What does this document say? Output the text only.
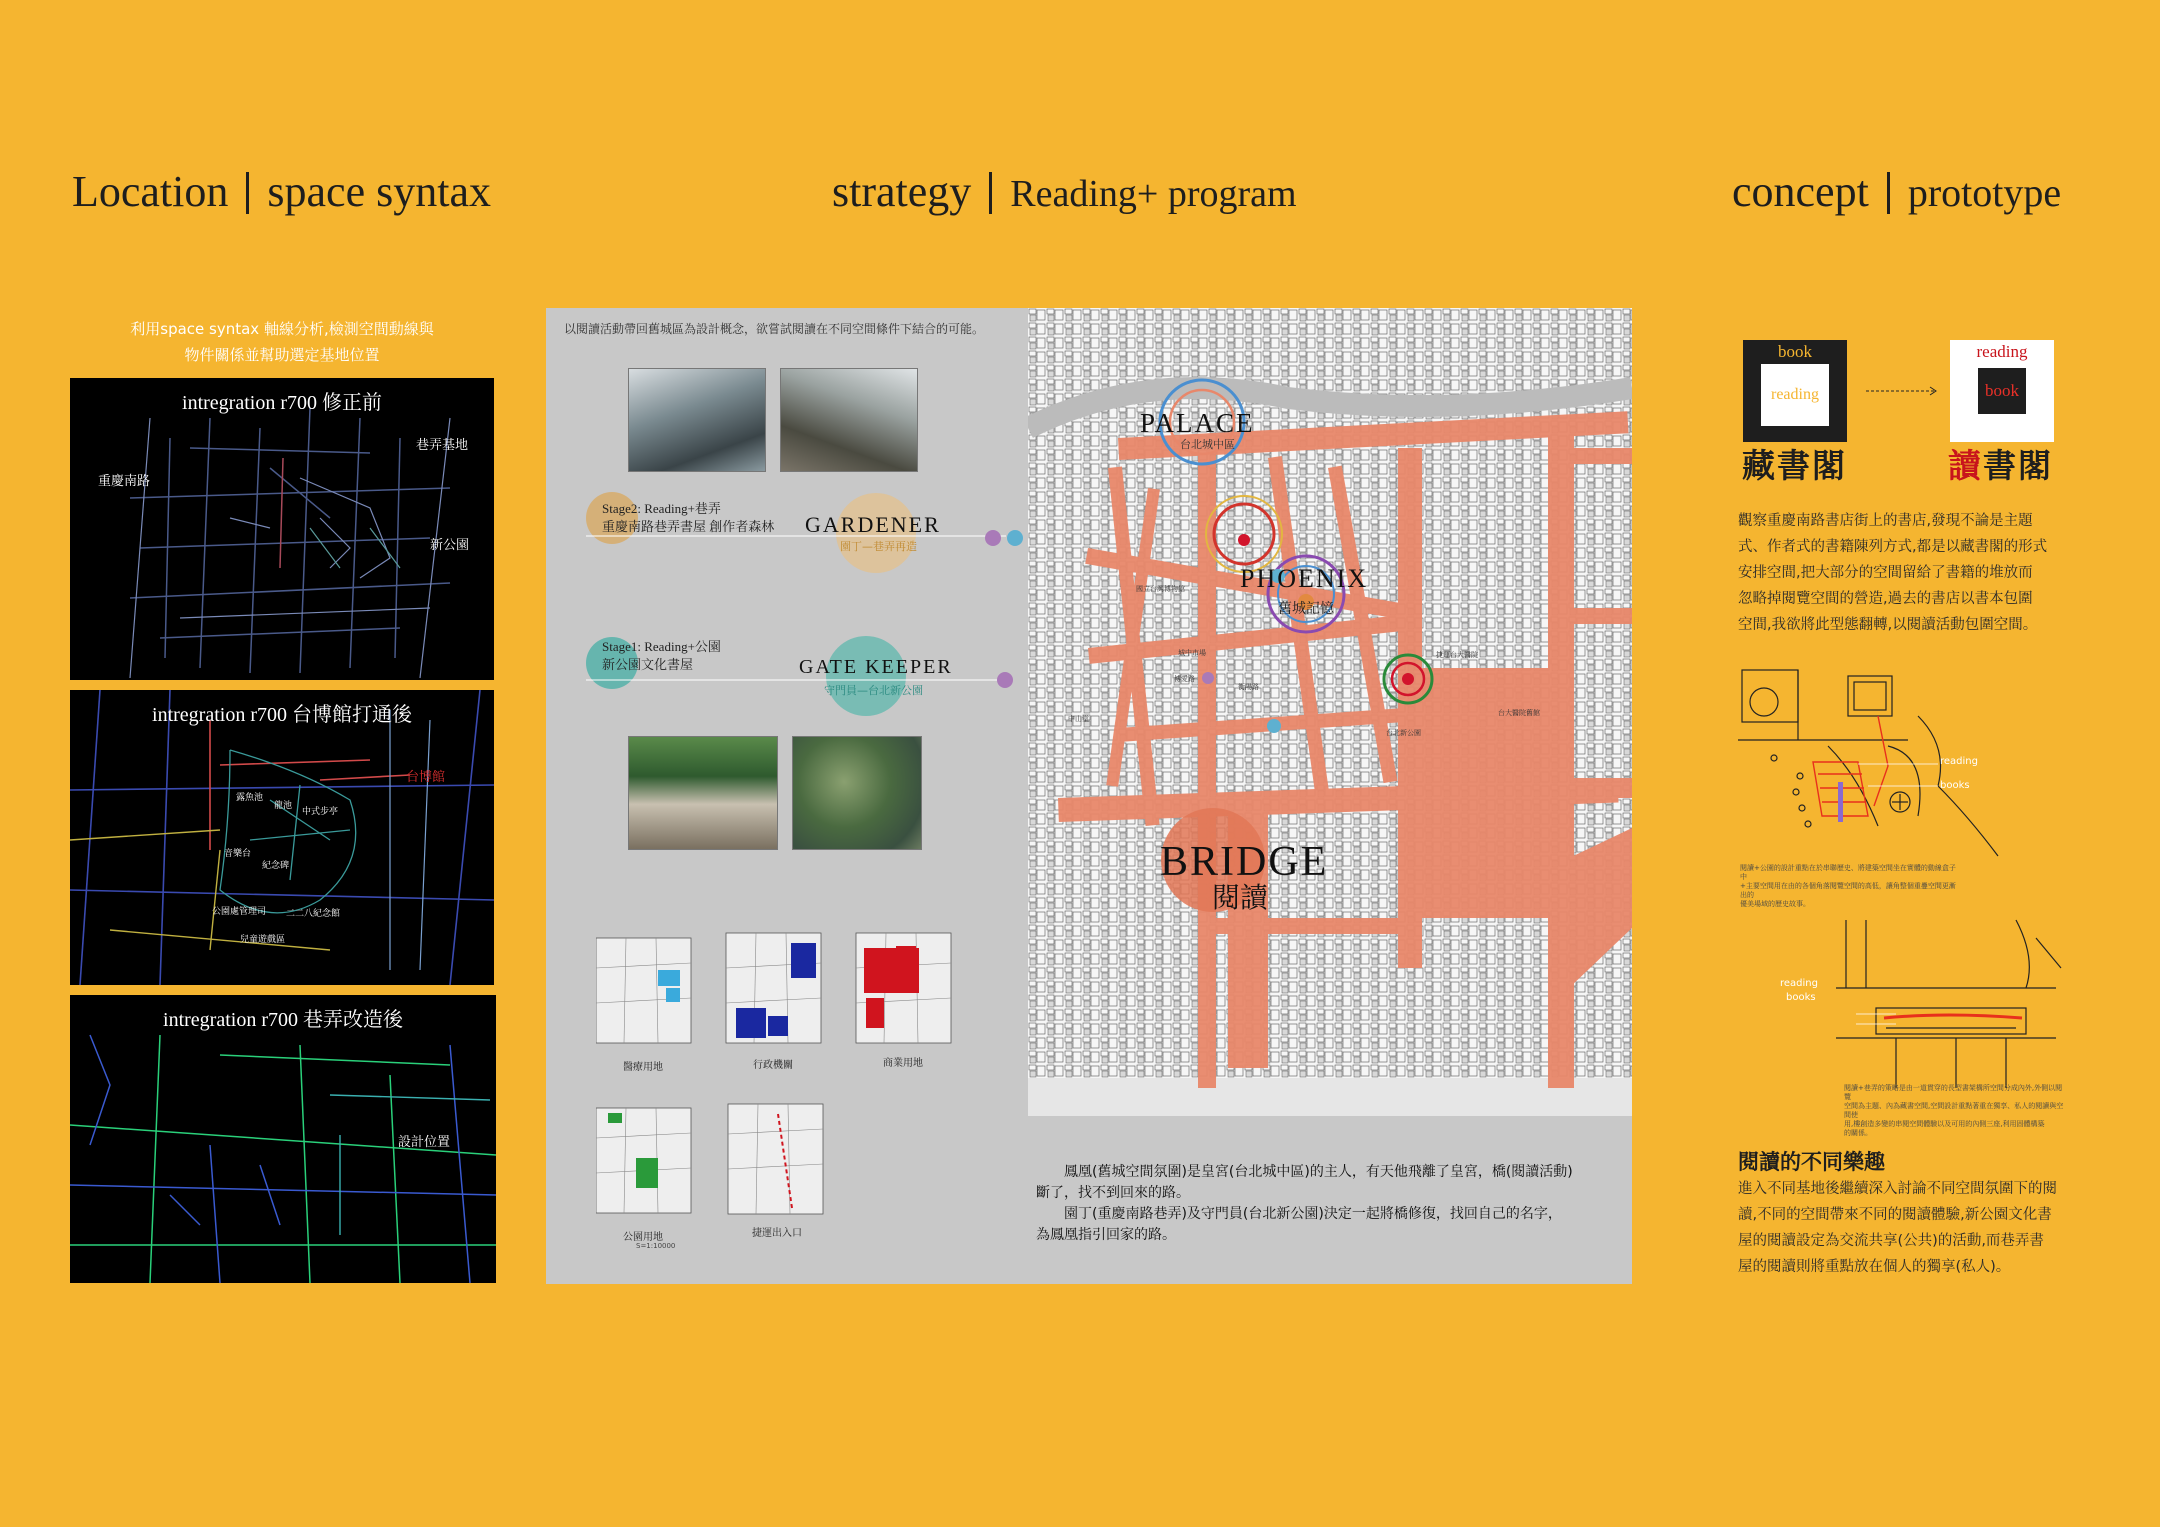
Location space syntax	strategy Reading+ program	concept prototype
利用space syntax 軸線分析,檢測空間動線與
物件關係並幫助選定基地位置
intregration r700 修正前
重慶南路
巷弄基地
新公園
intregration r700 台博館打通後
台博館
露魚池
龍池
中式步亭
音樂台
紀念碑
公園處管理司 二二八紀念館
兒童遊戲區
intregration r700 巷弄改造後
設計位置
以閱讀活動帶回舊城區為設計概念，欲嘗試閱讀在不同空間條件下結合的可能。
Stage2: Reading+巷弄
重慶南路巷弄書屋 創作者森林 GARDENER
園丁—巷弄再造
Stage1: Reading+公園
新公園文化書屋	GATE KEEPER
守門員—台北新公園
醫療用地	行政機關	商業用地
公園用地	捷運出入口
S=1:10000
PALACE
台北城中區
PHOENIX
舊城記憶
BRIDGE
閱讀
捷運台大醫院
國立台灣博物館
城中市場
衡陽路
博愛路
台北新公園
中山堂
台大醫院舊館
鳳凰(舊城空間氛圍)是皇宮(台北城中區)的主人，有天他飛離了皇宮，橋(閱讀活動)
斷了，找不到回來的路。
園丁(重慶南路巷弄)及守門員(台北新公園)決定一起將橋修復，找回自己的名字，
為鳳凰指引回家的路。
book
reading
reading
book
藏書閣	讀書閣
觀察重慶南路書店街上的書店,發現不論是主題
式、作者式的書籍陳列方式,都是以藏書閣的形式
安排空間,把大部分的空間留給了書籍的堆放而
忽略掉閱覽空間的營造,過去的書店以書本包圍
空間,我欲將此型態翻轉,以閱讀活動包圍空間。
reading
books
閱讀+公園的設計重點在於串聯歷史、將建築空間坐在實體的動線盒子中
+主要空間用在由的各個角落閱覽空間的高低，讓角整個重疊空間更漸出的
優美場域的歷史故事。
reading
books
閱讀+巷弄的策略是由一道貫穿的長型書架構所空間分成內外,外側以閱覽
空間為主題、內為藏書空間,空間設計重點著重在獨享、私人的閱讀與空間使
用,樓創造多變的串閱空間體驗以及可用的內側三座,利用固體構築
的關係。
閱讀的不同樂趣
進入不同基地後繼續深入討論不同空間氛圍下的閱
讀,不同的空間帶來不同的閱讀體驗,新公園文化書
屋的閱讀設定為交流共享(公共)的活動,而巷弄書
屋的閱讀則將重點放在個人的獨享(私人)。
